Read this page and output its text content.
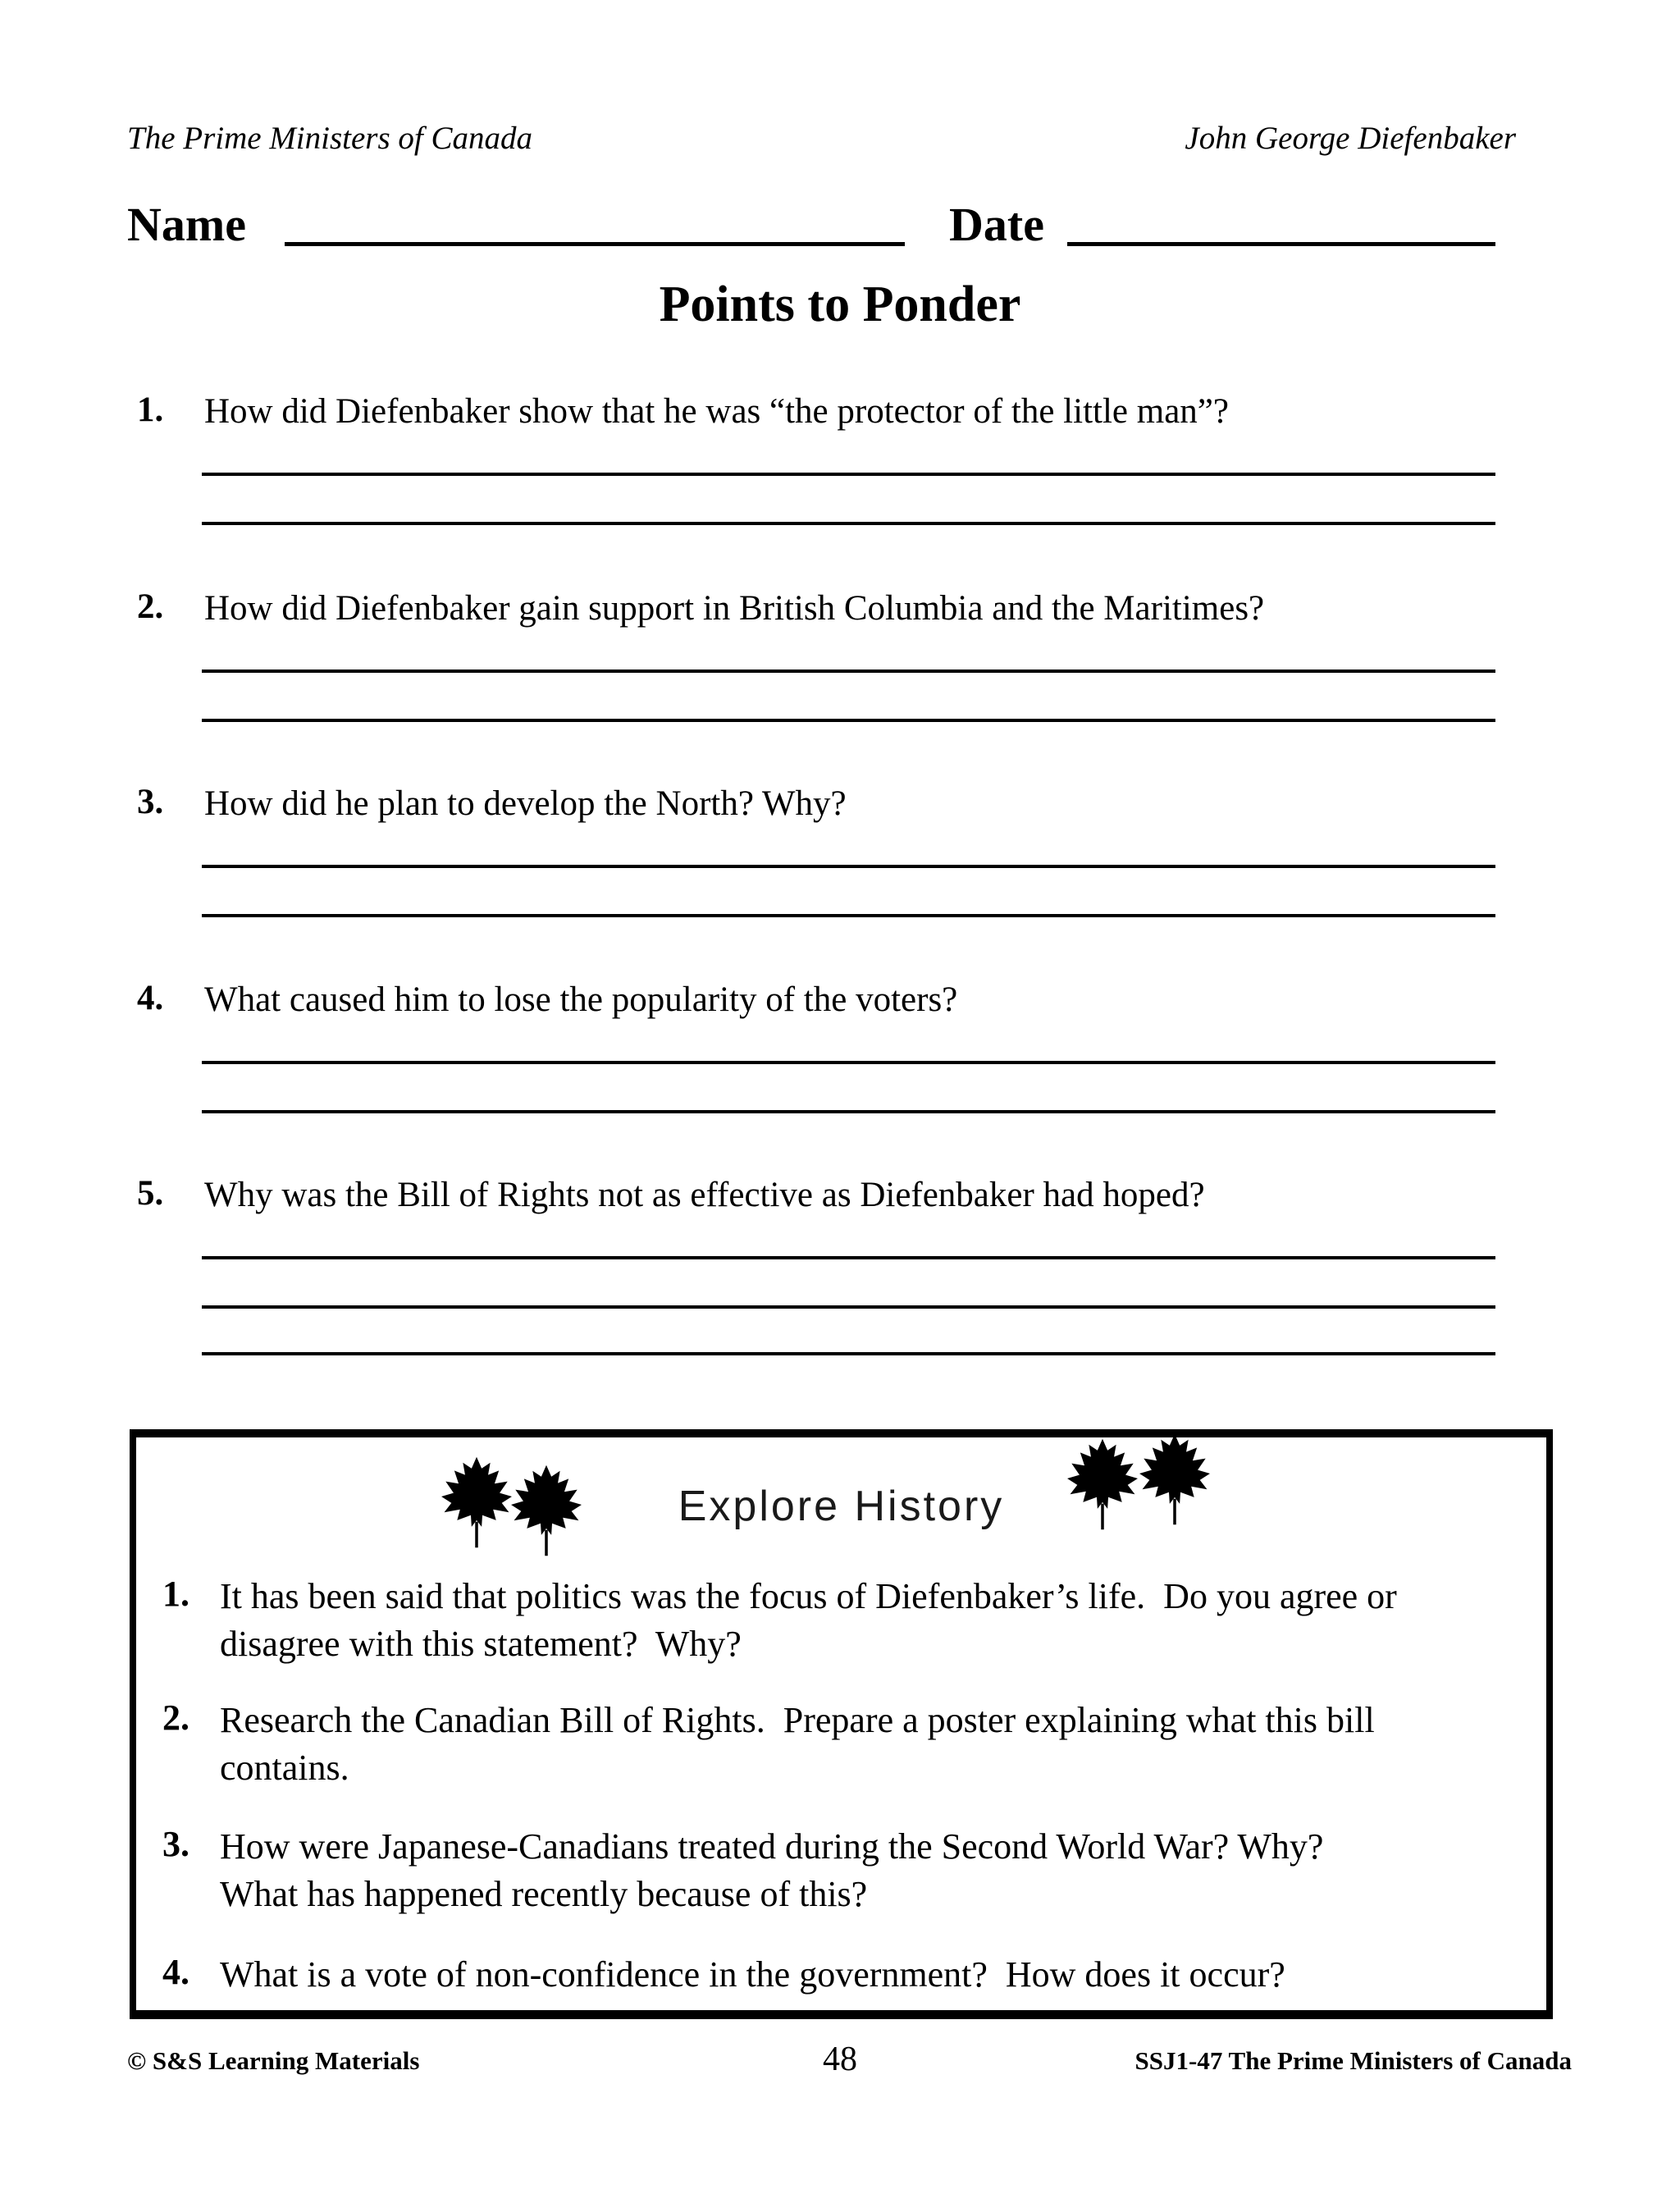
The Prime Ministers of Canada	John George Diefenbaker
Name	Date
Points to Ponder
1.	How did Diefenbaker show that he was “the protector of the little man”?
2.	How did Diefenbaker gain support in British Columbia and the Maritimes?
3.	How did he plan to develop the North? Why?
4.	What caused him to lose the popularity of the voters?
5.	Why was the Bill of Rights not as effective as Diefenbaker had hoped?
Explore History
1. It has been said that politics was the focus of Diefenbaker’s life.  Do you agree or disagree with this statement?  Why?
2. Research the Canadian Bill of Rights.  Prepare a poster explaining what this bill contains.
3. How were Japanese-Canadians treated during the Second World War? Why?  What has happened recently because of this?
4. What is a vote of non-confidence in the government?  How does it occur?
© S&S Learning Materials	48	SSJ1-47 The Prime Ministers of Canada
